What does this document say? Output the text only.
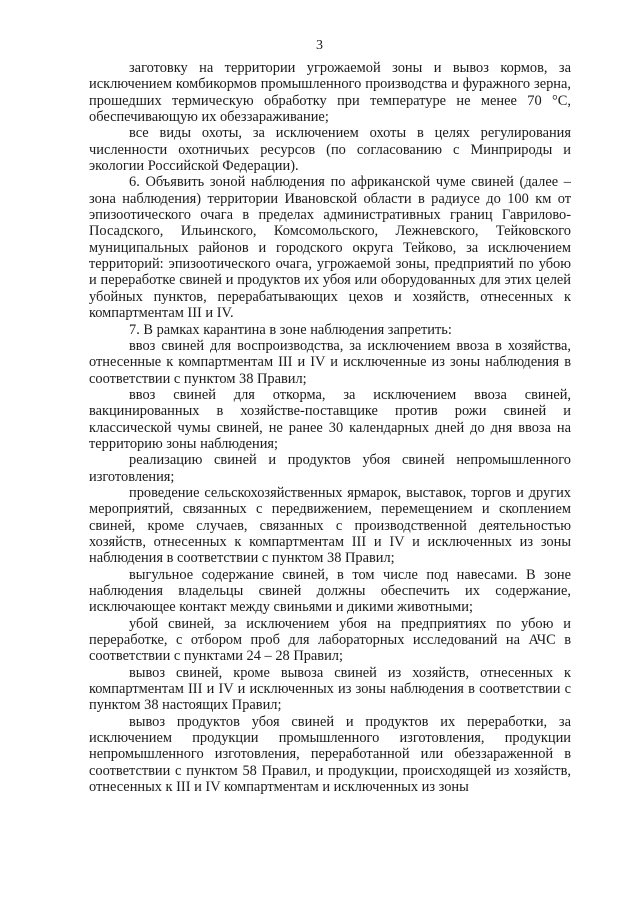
3

заготовку на территории угрожаемой зоны и вывоз кормов, за исключением комбикормов промышленного производства и фуражного зерна, прошедших термическую обработку при температуре не менее 70 °С, обеспечивающую их обеззараживание;

все виды охоты, за исключением охоты в целях регулирования численности охотничьих ресурсов (по согласованию с Минприроды и экологии Российской Федерации).

6. Объявить зоной наблюдения по африканской чуме свиней (далее – зона наблюдения) территории Ивановской области в радиусе до 100 км от эпизоотического очага в пределах административных границ Гаврилово-Посадского, Ильинского, Комсомольского, Лежневского, Тейковского муниципальных районов и городского округа Тейково, за исключением территорий: эпизоотического очага, угрожаемой зоны, предприятий по убою и переработке свиней и продуктов их убоя или оборудованных для этих целей убойных пунктов, перерабатывающих цехов и хозяйств, отнесенных к компартментам III и IV.

7. В рамках карантина в зоне наблюдения запретить:

ввоз свиней для воспроизводства, за исключением ввоза в хозяйства, отнесенные к компартментам III и IV и исключенные из зоны наблюдения в соответствии с пунктом 38 Правил;

ввоз свиней для откорма, за исключением ввоза свиней, вакцинированных в хозяйстве-поставщике против рожи свиней и классической чумы свиней, не ранее 30 календарных дней до дня ввоза на территорию зоны наблюдения;

реализацию свиней и продуктов убоя свиней непромышленного изготовления;

проведение сельскохозяйственных ярмарок, выставок, торгов и других мероприятий, связанных с передвижением, перемещением и скоплением свиней, кроме случаев, связанных с производственной деятельностью хозяйств, отнесенных к компартментам III и IV и исключенных из зоны наблюдения в соответствии с пунктом 38 Правил;

выгульное содержание свиней, в том числе под навесами. В зоне наблюдения владельцы свиней должны обеспечить их содержание, исключающее контакт между свиньями и дикими животными;

убой свиней, за исключением убоя на предприятиях по убою и переработке, с отбором проб для лабораторных исследований на АЧС в соответствии с пунктами 24 – 28 Правил;

вывоз свиней, кроме вывоза свиней из хозяйств, отнесенных к компартментам III и IV и исключенных из зоны наблюдения в соответствии с пунктом 38 настоящих Правил;

вывоз продуктов убоя свиней и продуктов их переработки, за исключением продукции промышленного изготовления, продукции непромышленного изготовления, переработанной или обеззараженной в соответствии с пунктом 58 Правил, и продукции, происходящей из хозяйств, отнесенных к III и IV компартментам и исключенных из зоны
